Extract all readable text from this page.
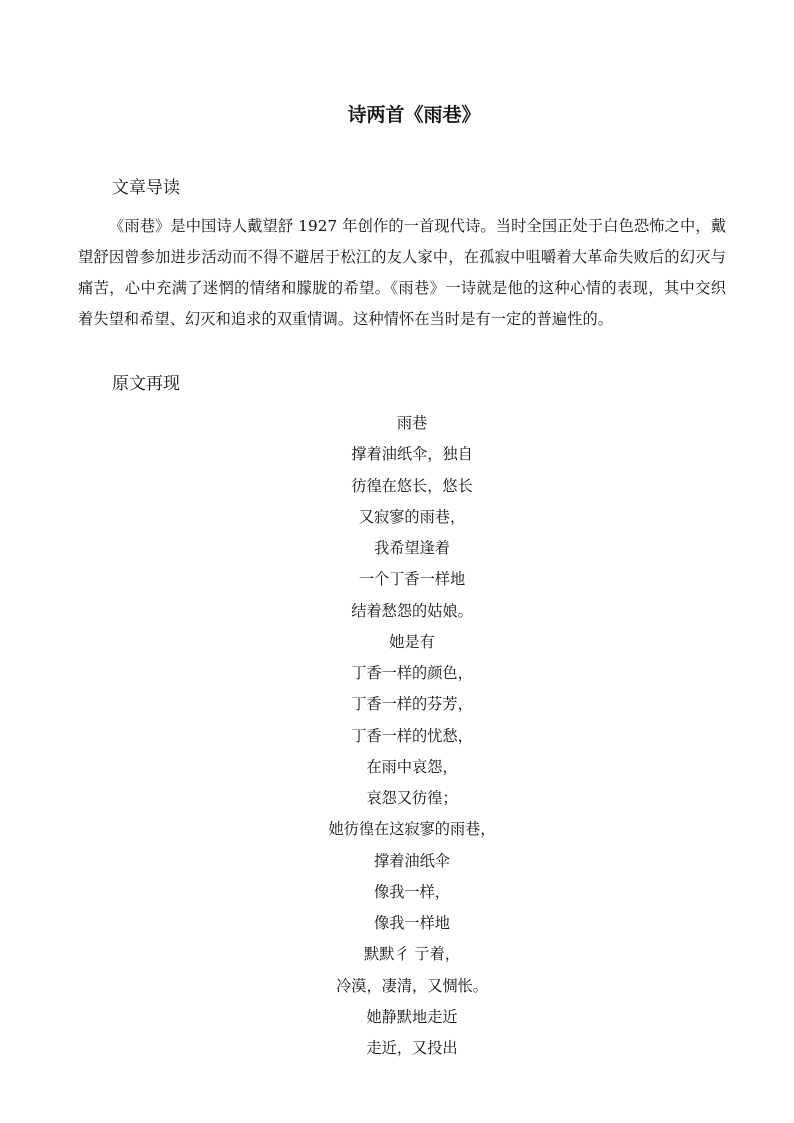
诗两首《雨巷》
文章导读

《雨巷》是中国诗人戴望舒 1927 年创作的一首现代诗。当时全国正处于白色恐怖之中，戴望舒因曾参加进步活动而不得不避居于松江的友人家中，在孤寂中咀嚼着大革命失败后的幻灭与痛苦，心中充满了迷惘的情绪和朦胧的希望。《雨巷》一诗就是他的这种心情的表现，其中交织着失望和希望、幻灭和追求的双重情调。这种情怀在当时是有一定的普遍性的。

原文再现
雨巷
撑着油纸伞，独自
彷徨在悠长，悠长
又寂寥的雨巷，
我希望逢着
一个丁香一样地
结着愁怨的姑娘。
她是有
丁香一样的颜色，
丁香一样的芬芳，
丁香一样的忧愁，
在雨中哀怨，
哀怨又彷徨；
她彷徨在这寂寥的雨巷，
撑着油纸伞
像我一样，
像我一样地
默默彳 亍着，
冷漠，凄清，又惆怅。
她静默地走近
走近，又投出
